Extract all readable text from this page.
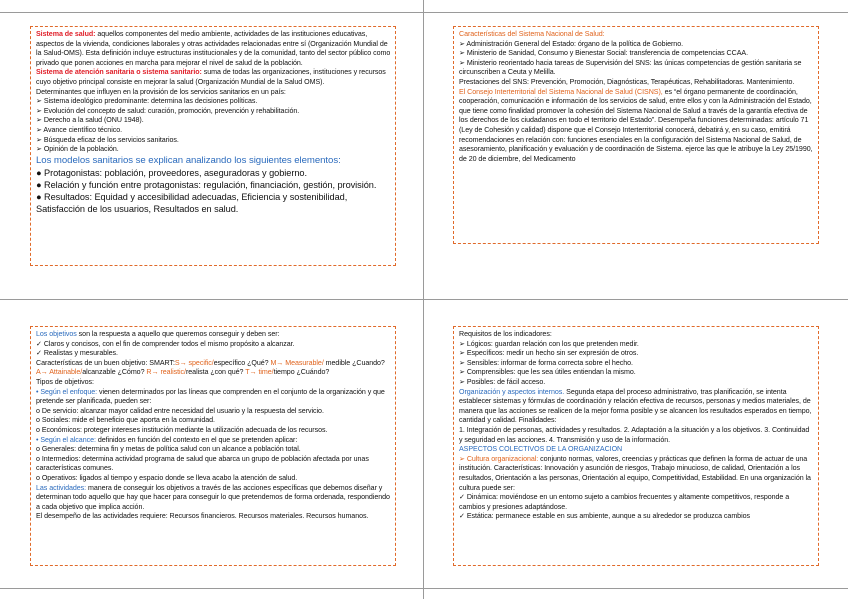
Sistema de salud: aquellos componentes del medio ambiente, actividades de las instituciones educativas, aspectos de la vivienda, condiciones laborales y otras actividades relacionadas entre sí (Organización Mundial de la Salud-OMS). Esta definición incluye estructuras institucionales y de la comunidad, tanto del sector público como privado que ponen acciones en marcha para mejorar el nivel de salud de la población.

Sistema de atención sanitaria o sistema sanitario: suma de todas las organizaciones, instituciones y recursos cuyo objetivo principal consiste en mejorar la salud (Organización Mundial de la Salud OMS).

Determinantes que influyen en la provisión de los servicios sanitarios en un país:

➢ Sistema ideológico predominante: determina las decisiones políticas.

➢ Evolución del concepto de salud: curación, promoción, prevención y rehabilitación.

➢ Derecho a la salud (ONU 1948).

➢ Avance científico técnico.

➢ Búsqueda eficaz de los servicios sanitarios.

➢ Opinión de la población.

Los modelos sanitarios se explican analizando los siguientes elementos:

● Protagonistas: población, proveedores, aseguradoras y gobierno.

● Relación y función entre protagonistas: regulación, financiación, gestión, provisión.

● Resultados: Equidad y accesibilidad adecuadas, Eficiencia y sostenibilidad, Satisfacción de los usuarios, Resultados en salud.

Características del Sistema Nacional de Salud:

➢ Administración General del Estado: órgano de la política de Gobierno.

➢ Ministerio de Sanidad, Consumo y Bienestar Social: transferencia de competencias CCAA.

➢ Ministerio reorientado hacia tareas de Supervisión del SNS: las únicas competencias de gestión sanitaria se circunscriben a Ceuta y Melilla.

Prestaciones del SNS: Prevención, Promoción, Diagnósticas, Terapéuticas, Rehabilitadoras. Mantenimiento.

El Consejo Interterritorial del Sistema Nacional de Salud (CISNS), es “el órgano permanente de coordinación, cooperación, comunicación e información de los servicios de salud, entre ellos y con la Administración del Estado, que tiene como finalidad promover la cohesión del Sistema Nacional de Salud a través de la garantía efectiva de los derechos de los ciudadanos en todo el territorio del Estado”. Desempeña funciones determinadas: artículo 71 (Ley de Cohesión y calidad) dispone que el Consejo Interterritorial conocerá, debatirá y, en su caso, emitirá recomendaciones en relación con: funciones esenciales en la configuración del Sistema Nacional de Salud, de asesoramiento, planificación y evaluación y de coordinación de Sistema. ejerce las que le atribuye la Ley 25/1990, de 20 de diciembre, del Medicamento

Los objetivos son la respuesta a aquello que queremos conseguir y deben ser:

✓ Claros y concisos, con el fin de comprender todos el mismo propósito a alcanzar.

✓ Realistas y mesurables.

Características de un buen objetivo: SMART:S→ specific/específico ¿Qué? M→ Measurable/ medible ¿Cuando? A→ Attainable/alcanzable ¿Cómo? R→ realistic/realista ¿con qué? T→ time/tiempo ¿Cuándo?

Tipos de objetivos:

• Según el enfoque: vienen determinados por las líneas que comprenden en el conjunto de la organización y que pretende ser planificada, pueden ser:

o De servicio: alcanzar mayor calidad entre necesidad del usuario y la respuesta del servicio.

o Sociales: mide el beneficio que aporta en la comunidad.

o Económicos: proteger intereses institución mediante la utilización adecuada de los recursos.

• Según el alcance: definidos en función del contexto en el que se pretenden aplicar:

o Generales: determina fin y metas de política salud con un alcance a población total.

o Intermedios: determina actividad programa de salud que abarca un grupo de población afectada por unas características comunes.

o Operativos: ligados al tiempo y espacio donde se lleva acabo la atención de salud.

Las actividades: manera de conseguir los objetivos a través de las acciones específicas que debemos diseñar y determinan todo aquello que hay que hacer para conseguir lo que pretendemos de forma ordenada, respondiendo a cada objetivo que implica acción.

El desempeño de las actividades requiere: Recursos financieros. Recursos materiales. Recursos humanos.

Requisitos de los indicadores:

➢ Lógicos: guardan relación con los que pretenden medir.

➢ Específicos: medir un hecho sin ser expresión de otros.

➢ Sensibles: informar de forma correcta sobre el hecho.

➢ Comprensibles: que les sea útiles entiendan la mismo.

➢ Posibles: de fácil acceso.

Organización y aspectos internos. Segunda etapa del proceso administrativo, tras planificación, se intenta establecer sistemas y fórmulas de coordinación y relación efectiva de recursos, personas y medios materiales, de manera que las acciones se realicen de la mejor forma posible y se alcancen los resultados esperados en tiempo, cantidad y calidad. Finalidades:

1. Integración de personas, actividades y resultados. 2. Adaptación a la situación y a los objetivos. 3. Continuidad y seguridad en las acciones. 4. Transmisión y uso de la información.

ASPECTOS COLECTIVOS DE LA ORGANIZACION

➢ Cultura organizacional: conjunto normas, valores, creencias y prácticas que definen la forma de actuar de una institución. Características: Innovación y asunción de riesgos, Trabajo minucioso, de calidad, Orientación a los resultados, Orientación a las personas, Orientación al equipo, Competitividad, Estabilidad. En una organización la cultura puede ser:

✓ Dinámica: moviéndose en un entorno sujeto a cambios frecuentes y altamente competitivos, responde a cambios y presiones adaptándose.

✓ Estática: permanece estable en sus ambiente, aunque a su alrededor se produzca cambios
